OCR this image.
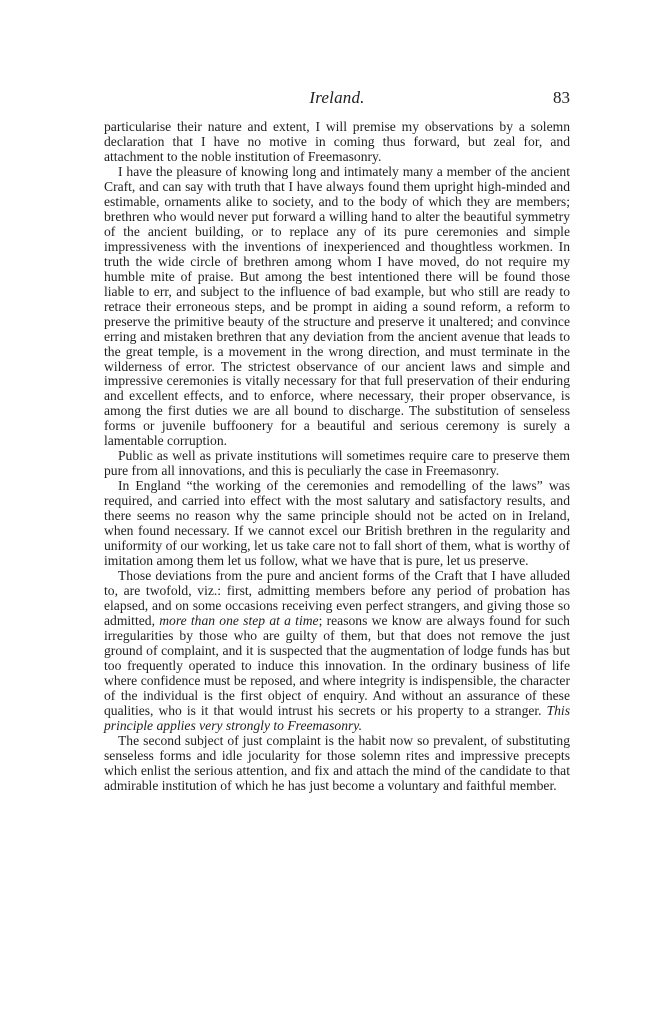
Ireland.	83

particularise their nature and extent, I will premise my observations by a solemn declaration that I have no motive in coming thus forward, but zeal for, and attachment to the noble institution of Freemasonry.

I have the pleasure of knowing long and intimately many a member of the ancient Craft, and can say with truth that I have always found them upright high-minded and estimable, ornaments alike to society, and to the body of which they are members; brethren who would never put forward a willing hand to alter the beautiful symmetry of the ancient building, or to replace any of its pure ceremonies and simple impressiveness with the inventions of inexperienced and thoughtless workmen. In truth the wide circle of brethren among whom I have moved, do not require my humble mite of praise. But among the best intentioned there will be found those liable to err, and subject to the influence of bad example, but who still are ready to retrace their erroneous steps, and be prompt in aiding a sound reform, a reform to preserve the primitive beauty of the structure and preserve it unaltered; and convince erring and mistaken brethren that any deviation from the ancient avenue that leads to the great temple, is a movement in the wrong direction, and must terminate in the wilderness of error. The strictest observance of our ancient laws and simple and impressive ceremonies is vitally necessary for that full preservation of their enduring and excellent effects, and to enforce, where necessary, their proper observance, is among the first duties we are all bound to discharge. The substitution of senseless forms or juvenile buffoonery for a beautiful and serious ceremony is surely a lamentable corruption.

Public as well as private institutions will sometimes require care to preserve them pure from all innovations, and this is peculiarly the case in Freemasonry.

In England “the working of the ceremonies and remodelling of the laws” was required, and carried into effect with the most salutary and satisfactory results, and there seems no reason why the same principle should not be acted on in Ireland, when found necessary. If we cannot excel our British brethren in the regularity and uniformity of our working, let us take care not to fall short of them, what is worthy of imitation among them let us follow, what we have that is pure, let us preserve.

Those deviations from the pure and ancient forms of the Craft that I have alluded to, are twofold, viz.: first, admitting members before any period of probation has elapsed, and on some occasions receiving even perfect strangers, and giving those so admitted, more than one step at a time; reasons we know are always found for such irregularities by those who are guilty of them, but that does not remove the just ground of complaint, and it is suspected that the augmentation of lodge funds has but too frequently operated to induce this innovation. In the ordinary business of life where confidence must be reposed, and where integrity is indispensible, the character of the individual is the first object of enquiry. And without an assurance of these qualities, who is it that would intrust his secrets or his property to a stranger. This principle applies very strongly to Freemasonry.

The second subject of just complaint is the habit now so prevalent, of substituting senseless forms and idle jocularity for those solemn rites and impressive precepts which enlist the serious attention, and fix and attach the mind of the candidate to that admirable institution of which he has just become a voluntary and faithful member.
